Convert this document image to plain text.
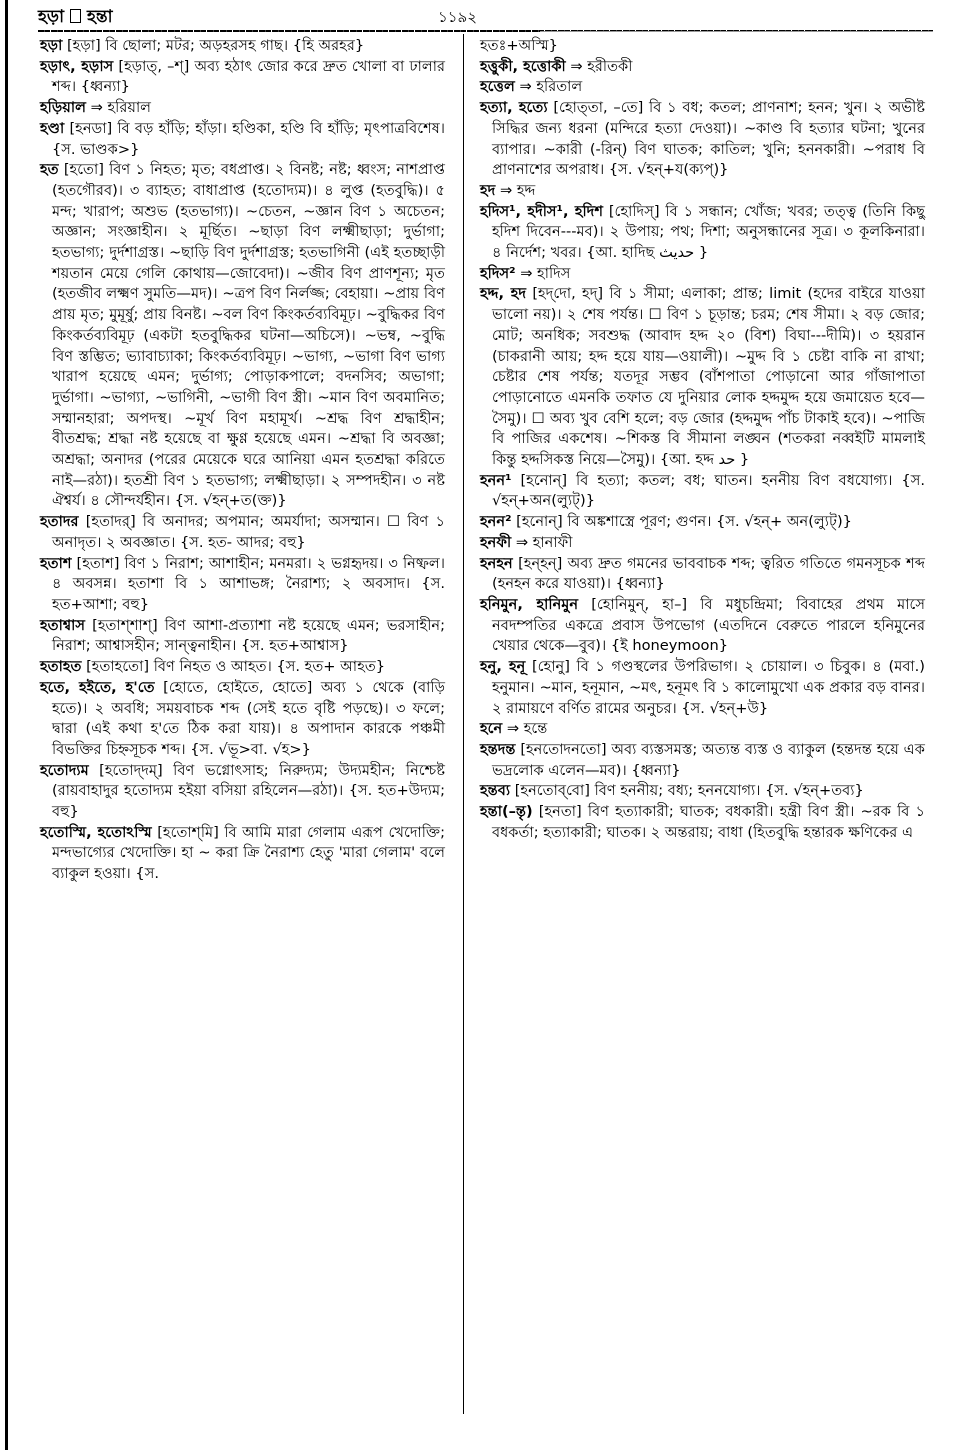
হড়া হন্তা	১১৯২

হড়া [হড়া] বি ছোলা; মটর; অড়হরসহ গাছ। {হি অরহর}

হড়াৎ, হড়াস [হড়াত্‌, –শ্] অব্য হঠাৎ জোর করে দ্রুত খোলা বা ঢালার শব্দ। {ধ্বন্যা}

হড়িয়াল ⇒ হরিয়াল

হণ্ডা [হনডা] বি বড় হাঁড়ি; হাঁড়া। হণ্ডিকা, হণ্ডি বি হাঁড়ি; মৃৎপাত্রবিশেষ। {স. ভাণ্ডক>}

হত [হতো] বিণ ১ নিহত; মৃত; বধপ্রাপ্ত। ২ বিনষ্ট; নষ্ট; ধ্বংস; নাশপ্রাপ্ত (হতগৌরব)। ৩ ব্যাহত; বাধাপ্রাপ্ত (হতোদ্যম)। ৪ লুপ্ত (হতবুদ্ধি)। ৫ মন্দ; খারাপ; অশুভ (হতভাগ্য)। ~চেতন, ~জ্ঞান বিণ ১ অচেতন; অজ্ঞান; সংজ্ঞাহীন। ২ মূর্ছিত। ~ছাড়া বিণ লক্ষ্মীছাড়া; দুর্ভাগা; হতভাগ্য; দুর্দশাগ্রস্ত। ~ছাড়ি বিণ দুর্দশাগ্রস্ত; হতভাগিনী (এই হতচ্ছাড়ী শয়তান মেয়ে গেলি কোথায়—জোবেদা)। ~জীব বিণ প্রাণশূন্য; মৃত (হতজীব লক্ষ্মণ সুমতি—মদ)। ~ত্রপ বিণ নির্লজ্জ; বেহায়া। ~প্রায় বিণ প্রায় মৃত; মুমূর্ষু; প্রায় বিনষ্ট। ~বল বিণ কিংকর্তব্যবিমূঢ়। ~বুদ্ধিকর বিণ কিংকর্তব্যবিমূঢ় (একটা হতবুদ্ধিকর ঘটনা—অচিসে)। ~ভম্ব, ~বুদ্ধি বিণ স্তম্ভিত; ভ্যাবাচ্যাকা; কিংকর্তব্যবিমূঢ়। ~ভাগ্য, ~ভাগা বিণ ভাগ্য খারাপ হয়েছে এমন; দুর্ভাগ্য; পোড়াকপালে; বদনসিব; অভাগা; দুর্ভাগা। ~ভাগ্যা, ~ভাগিনী, ~ভাগী বিণ স্ত্রী। ~মান বিণ অবমানিত; সম্মানহারা; অপদস্থ। ~মূর্খ বিণ মহামূর্খ। ~শ্রদ্ধ বিণ শ্রদ্ধাহীন; বীতশ্রদ্ধ; শ্রদ্ধা নষ্ট হয়েছে বা ক্ষুণ্ণ হয়েছে এমন। ~শ্রদ্ধা বি অবজ্ঞা; অশ্রদ্ধা; অনাদর (পরের মেয়েকে ঘরে আনিয়া এমন হতশ্রদ্ধা করিতে নাই—রঠা)। হতশ্রী বিণ ১ হতভাগ্য; লক্ষ্মীছাড়া। ২ সম্পদহীন। ৩ নষ্ট ঐশ্বর্য। ৪ সৌন্দর্যহীন। {স. √হন্‌+ত(ক্ত)}

হতাদর [হতাদর্] বি অনাদর; অপমান; অমর্যাদা; অসম্মান। ☐ বিণ ১ অনাদৃত। ২ অবজ্ঞাত। {স. হত- আদর; বহু}

হতাশ [হতাশ] বিণ ১ নিরাশ; আশাহীন; মনমরা। ২ ভগ্নহৃদয়। ৩ নিষ্ফল। ৪ অবসন্ন। হতাশা বি ১ আশাভঙ্গ; নৈরাশ্য; ২ অবসাদ। {স. হত+আশা; বহু}

হতাশ্বাস [হতাশ্‌শাশ্] বিণ আশা-প্রত্যাশা নষ্ট হয়েছে এমন; ভরসাহীন; নিরাশ; আশ্বাসহীন; সান্ত্বনাহীন। {স. হত+আশ্বাস}

হতাহত [হতাহতো] বিণ নিহত ও আহত। {স. হত+ আহত}

হতে, হইতে, হ'তে [হোতে, হোইতে, হোতে] অব্য ১ থেকে (বাড়ি হতে)। ২ অবধি; সময়বাচক শব্দ (সেই হতে বৃষ্টি পড়ছে)। ৩ ফলে; দ্বারা (এই কথা হ'তে ঠিক করা যায়)। ৪ অপাদান কারকে পঞ্চমী বিভক্তির চিহ্নসূচক শব্দ। {স. √ভূ>বা. √হ>}

হতোদ্যম [হতোদ্‌দম্] বিণ ভগ্নোৎসাহ; নিরুদ্যম; উদ্যমহীন; নিশ্চেষ্ট (রায়বাহাদুর হতোদ্যম হইয়া বসিয়া রহিলেন—রঠা)। {স. হত+উদ্যম; বহু}

হতোস্মি, হতোঽস্মি [হতোশ্‌মি] বি আমি মারা গেলাম এরূপ খেদোক্তি; মন্দভাগ্যের খেদোক্তি। হা ~ করা ক্রি নৈরাশ্য হেতু 'মারা গেলাম' বলে ব্যাকুল হওয়া। {স.

হতঃ+অস্মি}

হত্তুকী, হত্তোকী ⇒ হরীতকী

হত্তেল ⇒ হরিতাল

হত্যা, হত্যে [হোত্‌তা, –তে] বি ১ বধ; কতল; প্রাণনাশ; হনন; খুন। ২ অভীষ্ট সিদ্ধির জন্য ধরনা (মন্দিরে হত্যা দেওয়া)। ~কাণ্ড বি হত্যার ঘটনা; খুনের ব্যাপার। ~কারী (-রিন্) বিণ ঘাতক; কাতিল; খুনি; হননকারী। ~পরাধ বি প্রাণনাশের অপরাধ। {স. √হন্‌+য(ক্যপ্)}

হদ ⇒ হদ্দ

হদিস¹, হদীস¹, হদিশ [হোদিস্] বি ১ সন্ধান; খোঁজ; খবর; তত্ত্ব (তিনি কিছু হদিশ দিবেন---মব)। ২ উপায়; পথ; দিশা; অনুসন্ধানের সূত্র। ৩ কূলকিনারা। ৪ নির্দেশ; খবর। {আ. হাদিছ حديث }

হদিস² ⇒ হাদিস

হদ্দ, হদ [হদ্‌দো, হদ্] বি ১ সীমা; এলাকা; প্রান্ত; limit (হদের বাইরে যাওয়া ভালো নয়)। ২ শেষ পর্যন্ত। ☐ বিণ ১ চূড়ান্ত; চরম; শেষ সীমা। ২ বড় জোর; মোট; অনধিক; সবশুদ্ধ (আবাদ হদ্দ ২০ (বিশ) বিঘা---দীমি)। ৩ হয়রান (চাকরানী আয়; হদ্দ হয়ে যায়—ওয়ালী)। ~মুদ্দ বি ১ চেষ্টা বাকি না রাখা; চেষ্টার শেষ পর্যন্ত; যতদূর সম্ভব (বাঁশপাতা পোড়ানো আর গাঁজাপাতা পোড়ানোতে এমনকি তফাত যে দুনিয়ার লোক হদ্দমুদ্দ হয়ে জমায়েত হবে—সৈমু)। ☐ অব্য খুব বেশি হলে; বড় জোর (হদ্দমুদ্দ পাঁচ টাকাই হবে)। ~পাজি বি পাজির একশেষ। ~শিকস্ত বি সীমানা লঙ্ঘন (শতকরা নব্বইটি মামলাই কিন্তু হদ্দসিকস্ত নিয়ে—সৈমু)। {আ. হদ্দ حد }

হনন¹ [হনোন্] বি হত্যা; কতল; বধ; ঘাতন। হননীয় বিণ বধযোগ্য। {স. √হন্‌+অন(ল্যুট্)}

হনন² [হনোন্] বি অঙ্কশাস্ত্রে পূরণ; গুণন। {স. √হন্‌+ অন(ল্যুট্)}

হনফী ⇒ হানাফী

হনহন [হন্‌হন্] অব্য দ্রুত গমনের ভাববাচক শব্দ; ত্বরিত গতিতে গমনসূচক শব্দ (হনহন করে যাওয়া)। {ধ্বন্যা}

হনিমুন, হানিমুন [হোনিমুন্, হা–] বি মধুচন্দ্রিমা; বিবাহের প্রথম মাসে নবদম্পতির একত্রে প্রবাস উপভোগ (এতদিনে বেরুতে পারলে হনিমুনের খেয়ার থেকে—বুব)। {ই honeymoon}

হনু, হনূ [হোনু] বি ১ গণ্ডস্থলের উপরিভাগ। ২ চোয়াল। ৩ চিবুক। ৪ (মবা.) হনুমান। ~মান, হনূমান, ~মৎ, হনূমৎ বি ১ কালোমুখো এক প্রকার বড় বানর। ২ রামায়ণে বর্ণিত রামের অনুচর। {স. √হন্‌+উ}

হনে ⇒ হন্তে

হন্তদন্ত [হনতোদনতো] অব্য ব্যস্তসমস্ত; অত্যন্ত ব্যস্ত ও ব্যাকুল (হন্তদন্ত হয়ে এক ভদ্রলোক এলেন—মব)। {ধ্বন্যা}

হন্তব্য [হনতোব্‌বো] বিণ হননীয়; বধ্য; হননযোগ্য। {স. √হন্‌+তব্য}

হন্তা(–ন্তৃ) [হনতা] বিণ হত্যাকারী; ঘাতক; বধকারী। হন্ত্রী বিণ স্ত্রী। ~রক বি ১ বধকর্তা; হত্যাকারী; ঘাতক। ২ অন্তরায়; বাধা (হিতবুদ্ধি হন্তারক ক্ষণিকের এ
